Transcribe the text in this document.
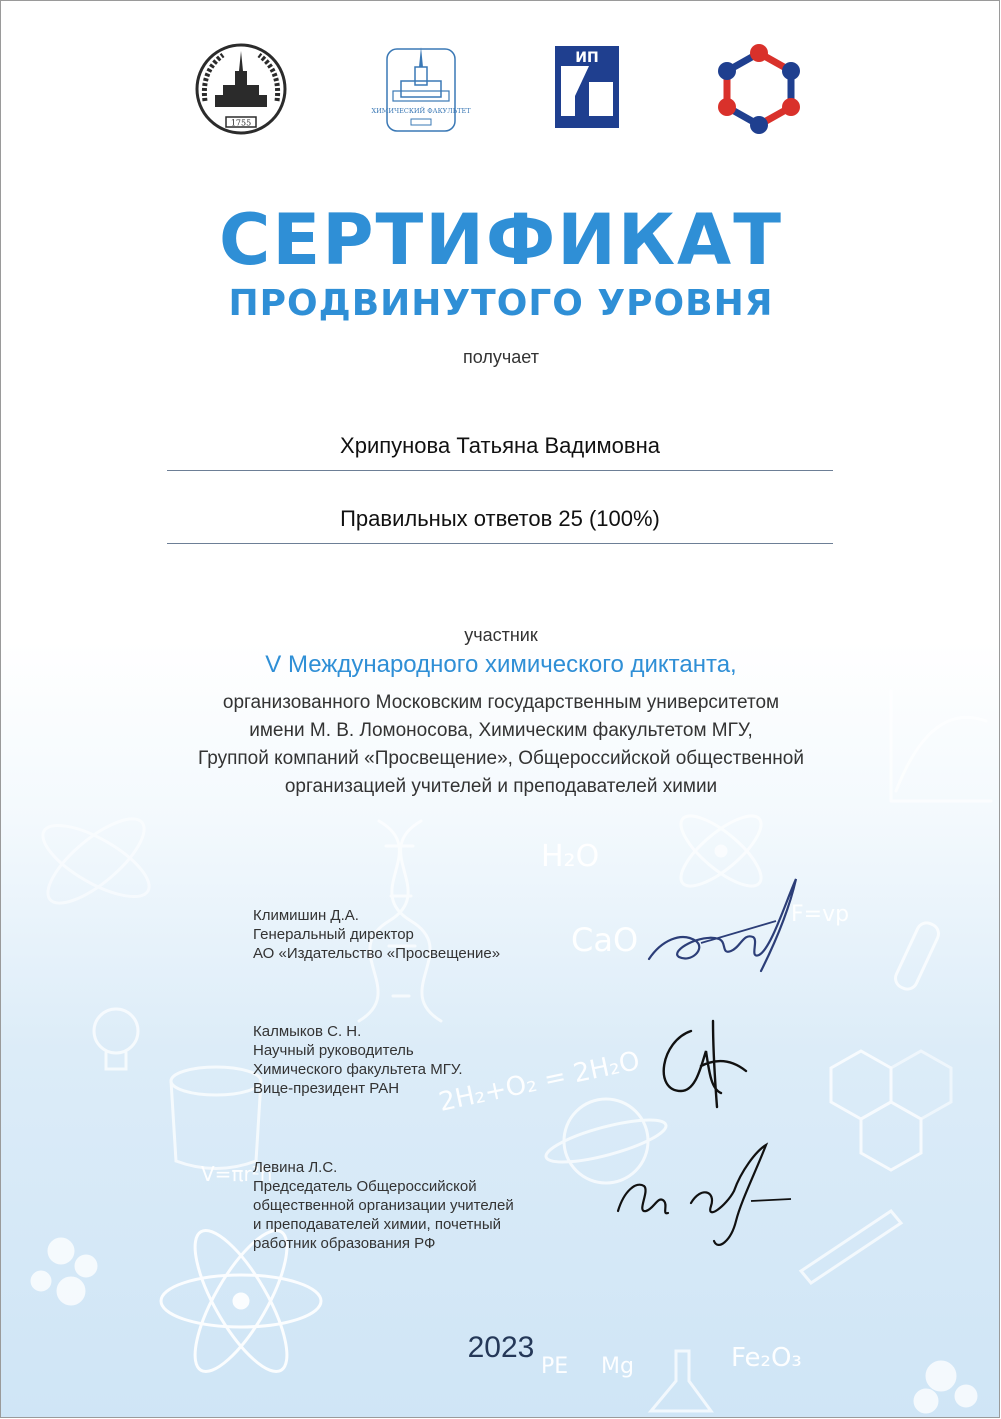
H₂O
CaO
2H₂+O₂ = 2H₂O
Fe₂O₃
PE Mg
F=vp
V=πr²h
1755
ХИМИЧЕСКИЙ ФАКУЛЬТЕТ
ИП
СЕРТИФИКАТ
ПРОДВИНУТОГО УРОВНЯ
получает
Хрипунова Татьяна Вадимовна
Правильных ответов 25 (100%)
участник
V Международного химического диктанта,
организованного Московским государственным университетом
имени М. В. Ломоносова, Химическим факультетом МГУ,
Группой компаний «Просвещение», Общероссийской общественной
организацией учителей и преподавателей химии
Климишин Д.А.
Генеральный директор
АО «Издательство «Просвещение»
Калмыков С. Н.
Научный руководитель
Химического факультета МГУ.
Вице-президент РАН
Левина Л.С.
Председатель Общероссийской
общественной организации учителей
и преподавателей химии, почетный
работник образования РФ
2023
